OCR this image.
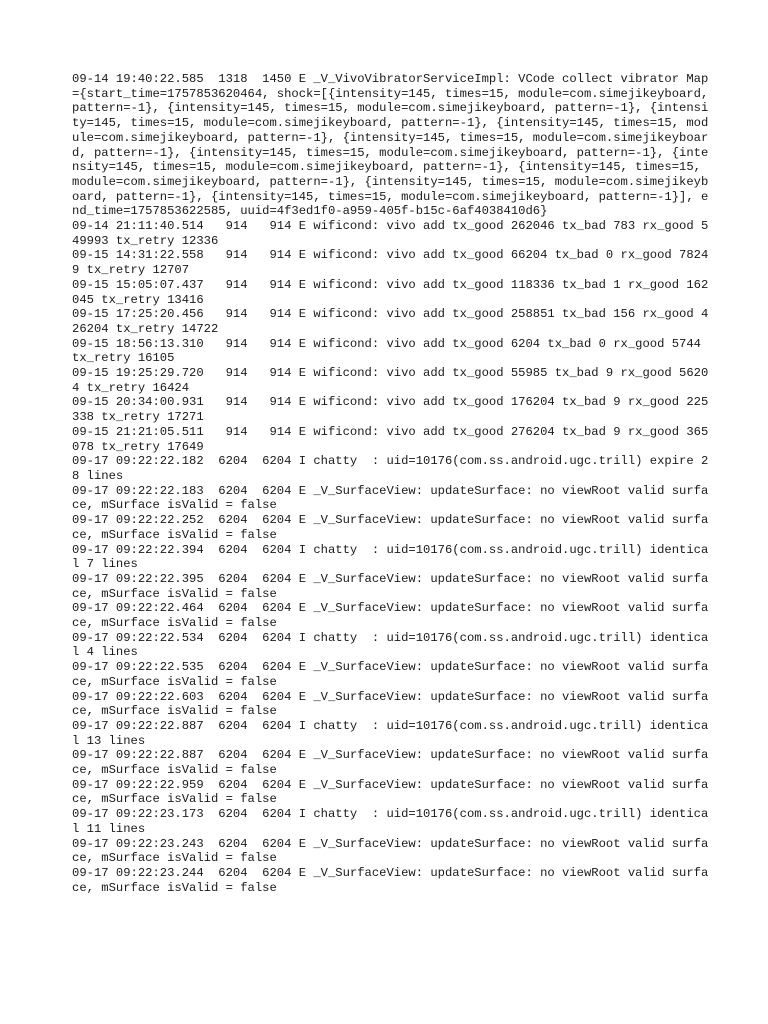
09-14 19:40:22.585  1318  1450 E _V_VivoVibratorServiceImpl: VCode collect vibrator Map={start_time=1757853620464, shock=[{intensity=145, times=15, module=com.simejikeyboard, pattern=-1}, {intensity=145, times=15, module=com.simejikeyboard, pattern=-1}, {intensity=145, times=15, module=com.simejikeyboard, pattern=-1}, {intensity=145, times=15, module=com.simejikeyboard, pattern=-1}, {intensity=145, times=15, module=com.simejikeyboard, pattern=-1}, {intensity=145, times=15, module=com.simejikeyboard, pattern=-1}, {intensity=145, times=15, module=com.simejikeyboard, pattern=-1}, {intensity=145, times=15, module=com.simejikeyboard, pattern=-1}, {intensity=145, times=15, module=com.simejikeyboard, pattern=-1}, {intensity=145, times=15, module=com.simejikeyboard, pattern=-1}], end_time=1757853622585, uuid=4f3ed1f0-a959-405f-b15c-6af4038410d6}
09-14 21:11:40.514   914   914 E wificond: vivo add tx_good 262046 tx_bad 783 rx_good 549993 tx_retry 12336
09-15 14:31:22.558   914   914 E wificond: vivo add tx_good 66204 tx_bad 0 rx_good 78249 tx_retry 12707
09-15 15:05:07.437   914   914 E wificond: vivo add tx_good 118336 tx_bad 1 rx_good 162045 tx_retry 13416
09-15 17:25:20.456   914   914 E wificond: vivo add tx_good 258851 tx_bad 156 rx_good 426204 tx_retry 14722
09-15 18:56:13.310   914   914 E wificond: vivo add tx_good 6204 tx_bad 0 rx_good 5744 tx_retry 16105
09-15 19:25:29.720   914   914 E wificond: vivo add tx_good 55985 tx_bad 9 rx_good 56204 tx_retry 16424
09-15 20:34:00.931   914   914 E wificond: vivo add tx_good 176204 tx_bad 9 rx_good 225338 tx_retry 17271
09-15 21:21:05.511   914   914 E wificond: vivo add tx_good 276204 tx_bad 9 rx_good 365078 tx_retry 17649
09-17 09:22:22.182  6204  6204 I chatty  : uid=10176(com.ss.android.ugc.trill) expire 28 lines
09-17 09:22:22.183  6204  6204 E _V_SurfaceView: updateSurface: no viewRoot valid surface, mSurface isValid = false
09-17 09:22:22.252  6204  6204 E _V_SurfaceView: updateSurface: no viewRoot valid surface, mSurface isValid = false
09-17 09:22:22.394  6204  6204 I chatty  : uid=10176(com.ss.android.ugc.trill) identical 7 lines
09-17 09:22:22.395  6204  6204 E _V_SurfaceView: updateSurface: no viewRoot valid surface, mSurface isValid = false
09-17 09:22:22.464  6204  6204 E _V_SurfaceView: updateSurface: no viewRoot valid surface, mSurface isValid = false
09-17 09:22:22.534  6204  6204 I chatty  : uid=10176(com.ss.android.ugc.trill) identical 4 lines
09-17 09:22:22.535  6204  6204 E _V_SurfaceView: updateSurface: no viewRoot valid surface, mSurface isValid = false
09-17 09:22:22.603  6204  6204 E _V_SurfaceView: updateSurface: no viewRoot valid surface, mSurface isValid = false
09-17 09:22:22.887  6204  6204 I chatty  : uid=10176(com.ss.android.ugc.trill) identical 13 lines
09-17 09:22:22.887  6204  6204 E _V_SurfaceView: updateSurface: no viewRoot valid surface, mSurface isValid = false
09-17 09:22:22.959  6204  6204 E _V_SurfaceView: updateSurface: no viewRoot valid surface, mSurface isValid = false
09-17 09:22:23.173  6204  6204 I chatty  : uid=10176(com.ss.android.ugc.trill) identical 11 lines
09-17 09:22:23.243  6204  6204 E _V_SurfaceView: updateSurface: no viewRoot valid surface, mSurface isValid = false
09-17 09:22:23.244  6204  6204 E _V_SurfaceView: updateSurface: no viewRoot valid surface, mSurface isValid = false
